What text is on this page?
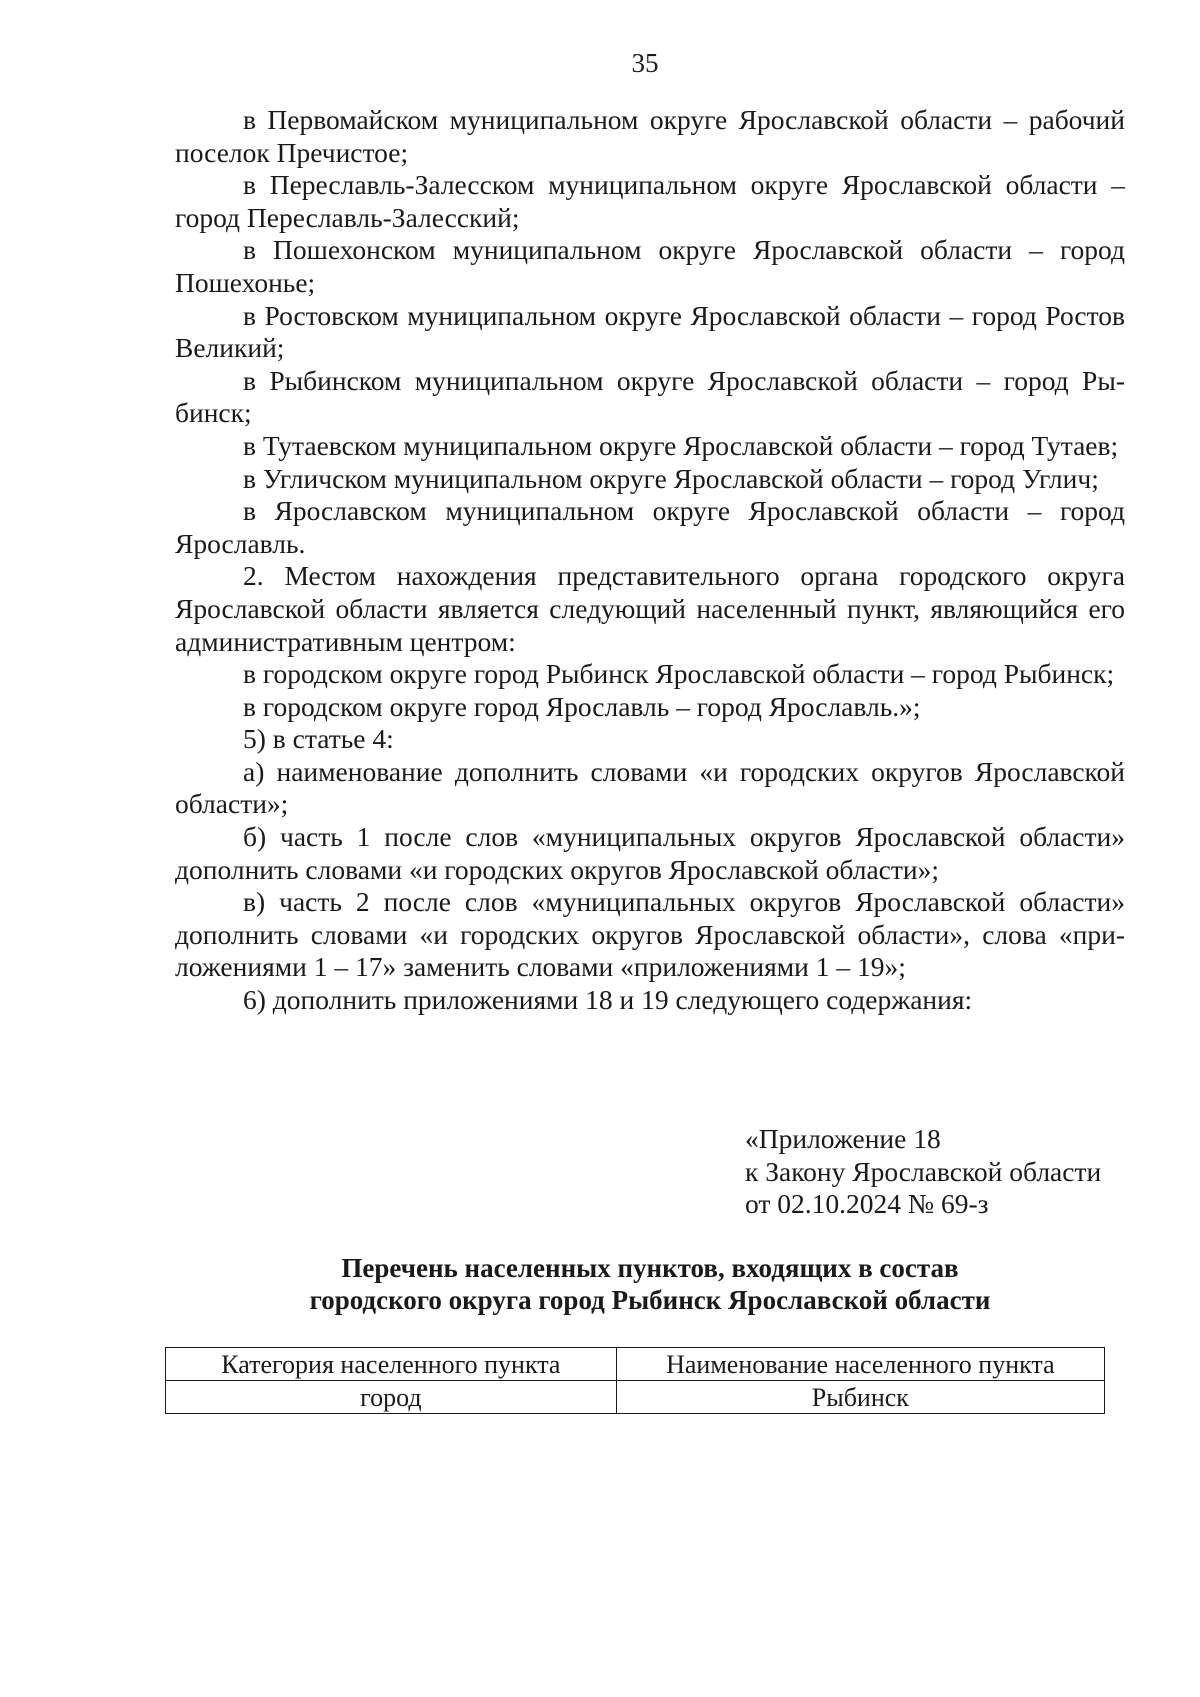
35

в Первомайском муниципальном округе Ярославской области – рабочий поселок Пречистое;

в Переславль-Залесском муниципальном округе Ярославской области – город Переславль-Залесский;

в Пошехонском муниципальном округе Ярославской области – город Пошехонье;

в Ростовском муниципальном округе Ярославской области – город Ростов Великий;

в Рыбинском муниципальном округе Ярославской области – город Рыбинск;

в Тутаевском муниципальном округе Ярославской области – город Тутаев;

в Угличском муниципальном округе Ярославской области – город Углич;

в Ярославском муниципальном округе Ярославской области – город Ярославль.

2. Местом нахождения представительного органа городского округа Ярославской области является следующий населенный пункт, являющийся его административным центром:

в городском округе город Рыбинск Ярославской области – город Рыбинск;

в городском округе город Ярославль – город Ярославль.»;

5) в статье 4:

а) наименование дополнить словами «и городских округов Ярославской области»;

б) часть 1 после слов «муниципальных округов Ярославской области» дополнить словами «и городских округов Ярославской области»;

в) часть 2 после слов «муниципальных округов Ярославской области» дополнить словами «и городских округов Ярославской области», слова «приложениями 1 – 17» заменить словами «приложениями 1 – 19»;

6) дополнить приложениями 18 и 19 следующего содержания:

«Приложение 18
к Закону Ярославской области
от 02.10.2024 № 69-з
Перечень населенных пунктов, входящих в состав
городского округа город Рыбинск Ярославской области
Категория населенного пункта	Наименование населенного пункта
город	Рыбинск
